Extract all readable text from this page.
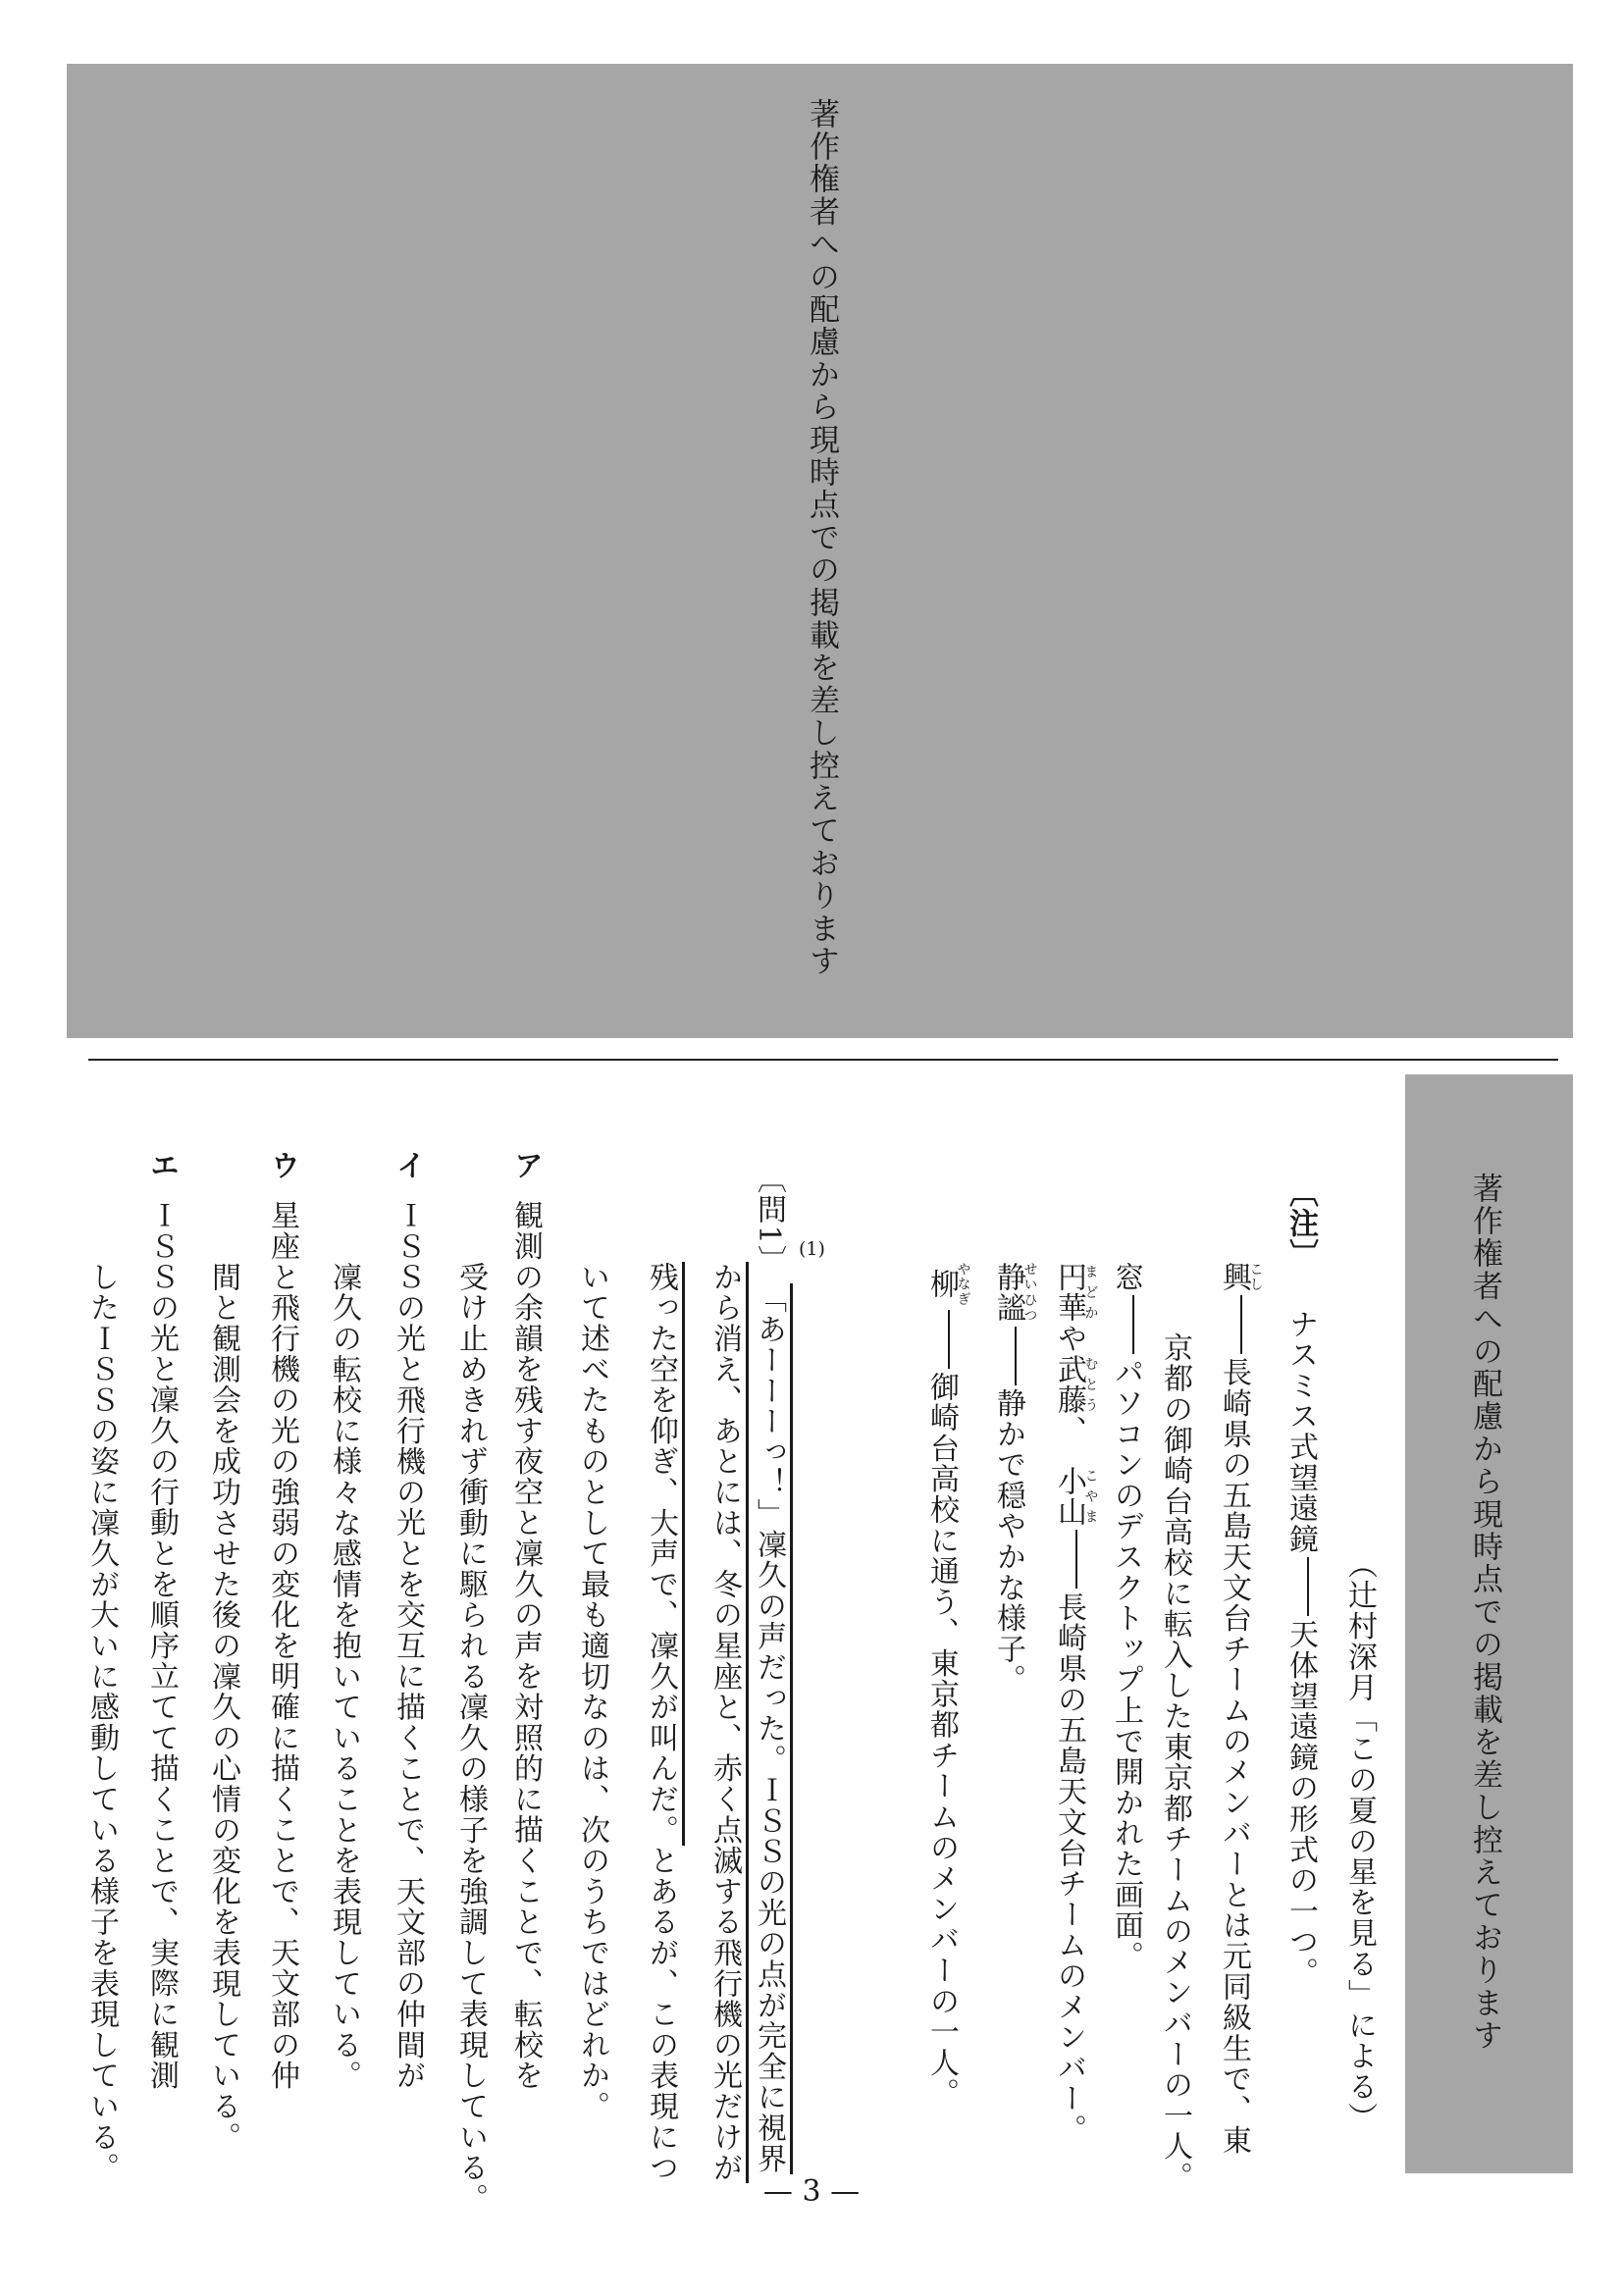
著作権者への配慮から現時点での掲載を差し控えております
著作権者への配慮から現時点での掲載を差し控えております
（辻村深月「この夏の星を見る」による）
〔注〕ナスミス式望遠鏡天体望遠鏡の形式の一つ。
興こし長崎県の五島天文台チームのメンバーとは元同級生で、東
京都の御崎台高校に転入した東京都チームのメンバーの一人。
窓パソコンのデスクトップ上で開かれた画面。
円華まどかや武藤むとう、小山こやま長崎県の五島天文台チームのメンバー。
静謐せいひつ静かで穏やかな様子。
柳やなぎ御崎台高校に通う、東京都チームのメンバーの一人。
〔問1〕「あーーーっ！」凜久の声だった。ＩＳＳの光の点が完全に視界
(1)
から消え、あとには、冬の星座と、赤く点滅する飛行機の光だけが
残った空を仰ぎ、大声で、凜久が叫んだ。とあるが、この表現につ
いて述べたものとして最も適切なのは、次のうちではどれか。
ア観測の余韻を残す夜空と凜久の声を対照的に描くことで、転校を
受け止めきれず衝動に駆られる凜久の様子を強調して表現している。
イＩＳＳの光と飛行機の光とを交互に描くことで、天文部の仲間が
凜久の転校に様々な感情を抱いていることを表現している。
ウ星座と飛行機の光の強弱の変化を明確に描くことで、天文部の仲
間と観測会を成功させた後の凜久の心情の変化を表現している。
エＩＳＳの光と凜久の行動とを順序立てて描くことで、実際に観測
したＩＳＳの姿に凜久が大いに感動している様子を表現している。
— 3 —
